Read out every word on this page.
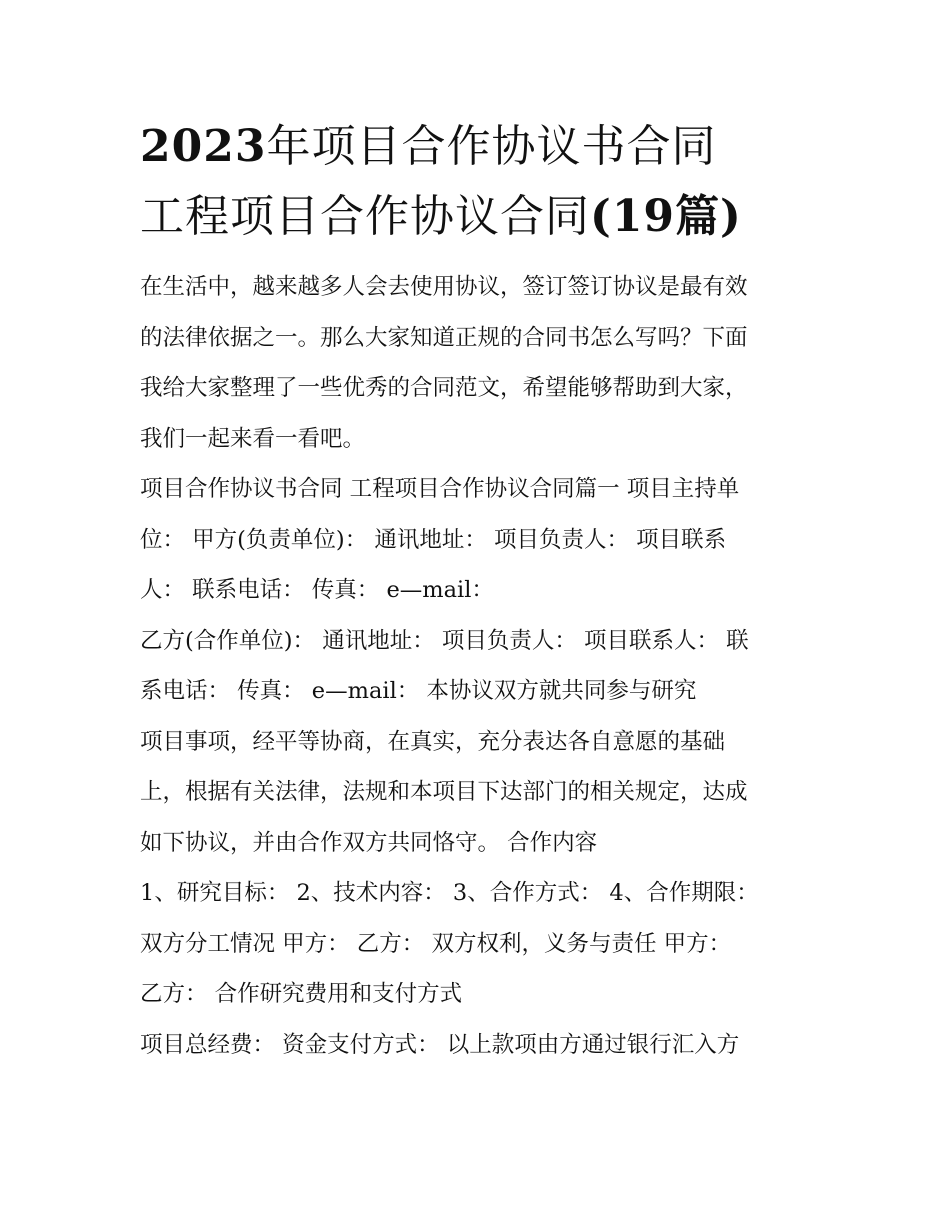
2023年项目合作协议书合同
工程项目合作协议合同(19篇)
在生活中，越来越多人会去使用协议，签订签订协议是最有效
的法律依据之一。那么大家知道正规的合同书怎么写吗？下面
我给大家整理了一些优秀的合同范文，希望能够帮助到大家，
我们一起来看一看吧。
项目合作协议书合同 工程项目合作协议合同篇一 项目主持单
位： 甲方(负责单位)： 通讯地址： 项目负责人： 项目联系
人： 联系电话： 传真： e—mail：
乙方(合作单位)： 通讯地址： 项目负责人： 项目联系人： 联
系电话： 传真： e—mail： 本协议双方就共同参与研究
项目事项，经平等协商，在真实，充分表达各自意愿的基础
上，根据有关法律，法规和本项目下达部门的相关规定，达成
如下协议，并由合作双方共同恪守。 合作内容
1、研究目标： 2、技术内容： 3、合作方式： 4、合作期限：
双方分工情况 甲方： 乙方： 双方权利，义务与责任 甲方：
乙方： 合作研究费用和支付方式
项目总经费： 资金支付方式： 以上款项由方通过银行汇入方
